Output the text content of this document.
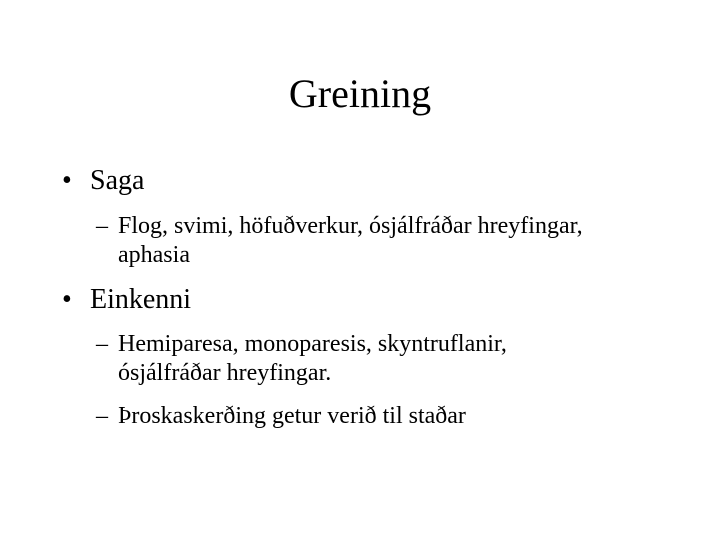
Greining
• Saga
– Flog, svimi, höfuðverkur, ósjálfráðar hreyfingar, aphasia
• Einkenni
– Hemiparesa, monoparesis, skyntruflanir, ósjálfráðar hreyfingar.
– Þroskaskerðing getur verið til staðar
